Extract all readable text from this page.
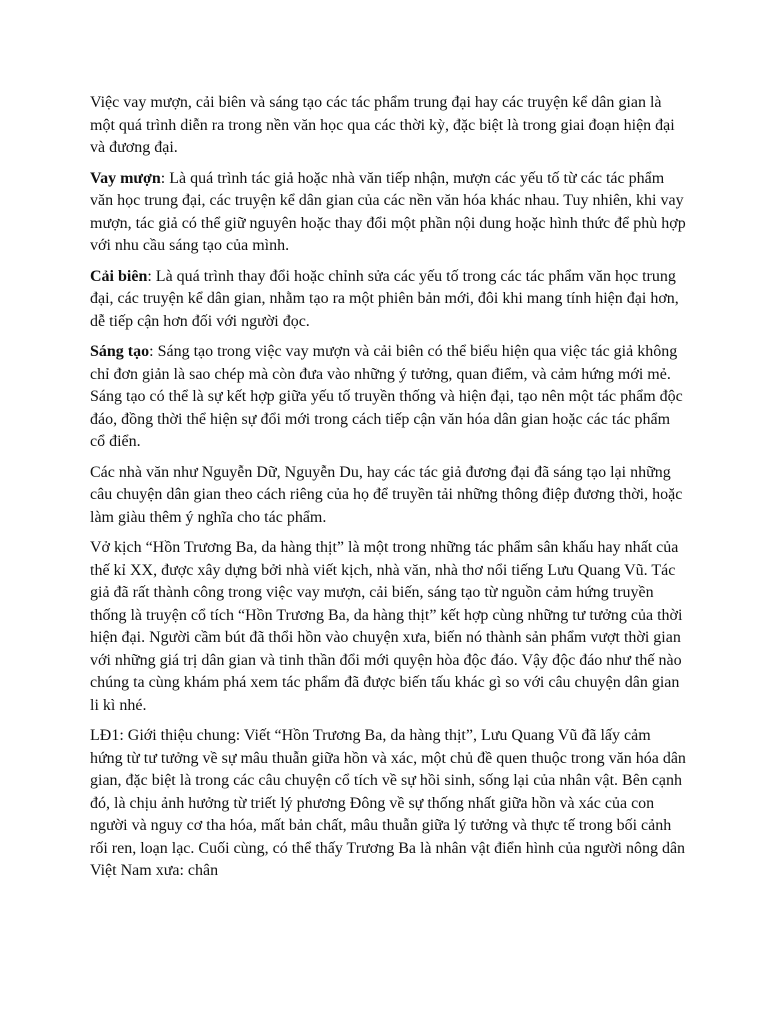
Việc vay mượn, cải biên và sáng tạo các tác phẩm trung đại hay các truyện kể dân gian là một quá trình diễn ra trong nền văn học qua các thời kỳ, đặc biệt là trong giai đoạn hiện đại và đương đại.

Vay mượn: Là quá trình tác giả hoặc nhà văn tiếp nhận, mượn các yếu tố từ các tác phẩm văn học trung đại, các truyện kể dân gian của các nền văn hóa khác nhau. Tuy nhiên, khi vay mượn, tác giả có thể giữ nguyên hoặc thay đổi một phần nội dung hoặc hình thức để phù hợp với nhu cầu sáng tạo của mình.

Cải biên: Là quá trình thay đổi hoặc chỉnh sửa các yếu tố trong các tác phẩm văn học trung đại, các truyện kể dân gian, nhằm tạo ra một phiên bản mới, đôi khi mang tính hiện đại hơn, dễ tiếp cận hơn đối với người đọc.

Sáng tạo: Sáng tạo trong việc vay mượn và cải biên có thể biểu hiện qua việc tác giả không chỉ đơn giản là sao chép mà còn đưa vào những ý tưởng, quan điểm, và cảm hứng mới mẻ. Sáng tạo có thể là sự kết hợp giữa yếu tố truyền thống và hiện đại, tạo nên một tác phẩm độc đáo, đồng thời thể hiện sự đổi mới trong cách tiếp cận văn hóa dân gian hoặc các tác phẩm cổ điển.

Các nhà văn như Nguyễn Dữ, Nguyễn Du, hay các tác giả đương đại đã sáng tạo lại những câu chuyện dân gian theo cách riêng của họ để truyền tải những thông điệp đương thời, hoặc làm giàu thêm ý nghĩa cho tác phẩm.

Vở kịch “Hồn Trương Ba, da hàng thịt” là một trong những tác phẩm sân khấu hay nhất của thế kỉ XX, được xây dựng bởi nhà viết kịch, nhà văn, nhà thơ nổi tiếng Lưu Quang Vũ. Tác giả đã rất thành công trong việc vay mượn, cải biến, sáng tạo từ nguồn cảm hứng truyền thống là truyện cổ tích “Hồn Trương Ba, da hàng thịt” kết hợp cùng những tư tưởng của thời hiện đại. Người cầm bút đã thổi hồn vào chuyện xưa, biến nó thành sản phẩm vượt thời gian với những giá trị dân gian và tinh thần đổi mới quyện hòa độc đáo. Vậy độc đáo như thế nào chúng ta cùng khám phá xem tác phẩm đã được biến tấu khác gì so với câu chuyện dân gian li kì nhé.

LĐ1: Giới thiệu chung: Viết “Hồn Trương Ba, da hàng thịt”, Lưu Quang Vũ đã lấy cảm hứng từ tư tưởng về sự mâu thuẫn giữa hồn và xác, một chủ đề quen thuộc trong văn hóa dân gian, đặc biệt là trong các câu chuyện cổ tích về sự hồi sinh, sống lại của nhân vật. Bên cạnh đó, là chịu ảnh hưởng từ triết lý phương Đông về sự thống nhất giữa hồn và xác của con người và nguy cơ tha hóa, mất bản chất, mâu thuẫn giữa lý tưởng và thực tế trong bối cảnh rối ren, loạn lạc. Cuối cùng, có thể thấy Trương Ba là nhân vật điển hình của người nông dân Việt Nam xưa: chân
